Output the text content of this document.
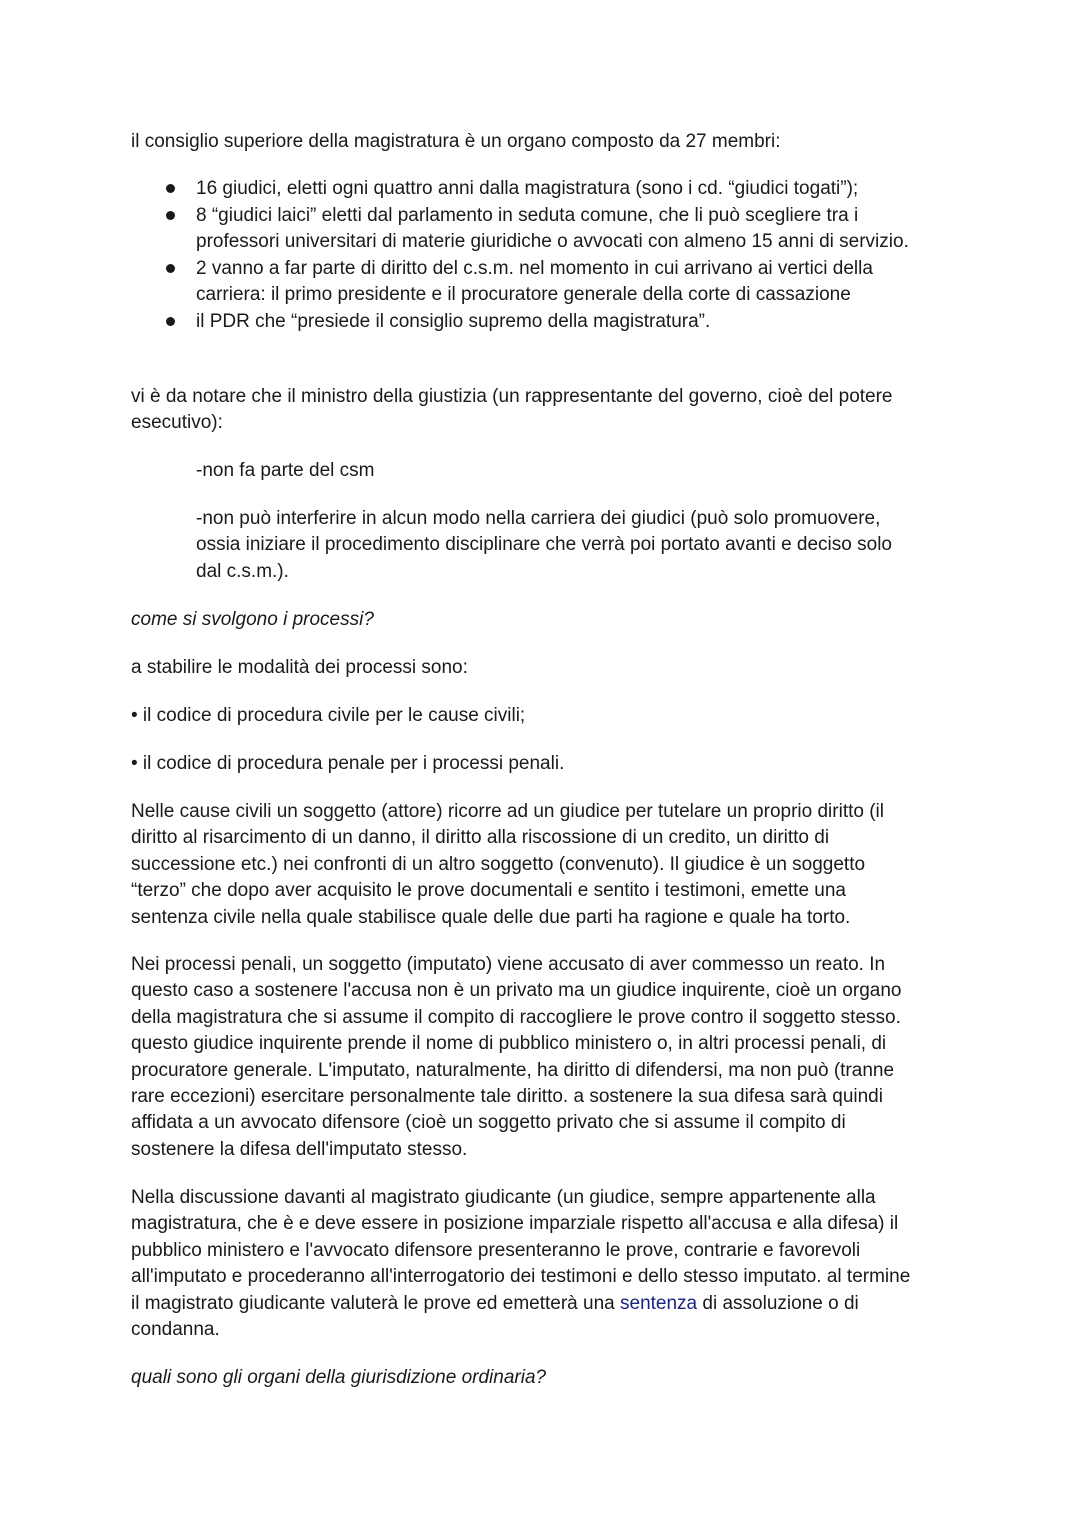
il consiglio superiore della magistratura è un organo composto da 27 membri:

16 giudici, eletti ogni quattro anni dalla magistratura (sono i cd. “giudici togati”);

8 “giudici laici” eletti dal parlamento in seduta comune, che li può scegliere tra i
professori universitari di materie giuridiche o avvocati con almeno 15 anni di servizio.

2 vanno a far parte di diritto del c.s.m. nel momento in cui arrivano ai vertici della
carriera: il primo presidente e il procuratore generale della corte di cassazione

il PDR che “presiede il consiglio supremo della magistratura”.

vi è da notare che il ministro della giustizia (un rappresentante del governo, cioè del potere
esecutivo):

-non fa parte del csm

-non può interferire in alcun modo nella carriera dei giudici (può solo promuovere,
ossia iniziare il procedimento disciplinare che verrà poi portato avanti e deciso solo
dal c.s.m.).

come si svolgono i processi?

a stabilire le modalità dei processi sono:

• il codice di procedura civile per le cause civili;

• il codice di procedura penale per i processi penali.

Nelle cause civili un soggetto (attore) ricorre ad un giudice per tutelare un proprio diritto (il
diritto al risarcimento di un danno, il diritto alla riscossione di un credito, un diritto di
successione etc.) nei confronti di un altro soggetto (convenuto). Il giudice è un soggetto
“terzo” che dopo aver acquisito le prove documentali e sentito i testimoni, emette una
sentenza civile nella quale stabilisce quale delle due parti ha ragione e quale ha torto.

Nei processi penali, un soggetto (imputato) viene accusato di aver commesso un reato. In
questo caso a sostenere l'accusa non è un privato ma un giudice inquirente, cioè un organo
della magistratura che si assume il compito di raccogliere le prove contro il soggetto stesso.
questo giudice inquirente prende il nome di pubblico ministero o, in altri processi penali, di
procuratore generale. L'imputato, naturalmente, ha diritto di difendersi, ma non può (tranne
rare eccezioni) esercitare personalmente tale diritto. a sostenere la sua difesa sarà quindi
affidata a un avvocato difensore (cioè un soggetto privato che si assume il compito di
sostenere la difesa dell'imputato stesso.

Nella discussione davanti al magistrato giudicante (un giudice, sempre appartenente alla
magistratura, che è e deve essere in posizione imparziale rispetto all'accusa e alla difesa) il
pubblico ministero e l'avvocato difensore presenteranno le prove, contrarie e favorevoli
all'imputato e procederanno all'interrogatorio dei testimoni e dello stesso imputato. al termine
il magistrato giudicante valuterà le prove ed emetterà una sentenza di assoluzione o di
condanna.

quali sono gli organi della giurisdizione ordinaria?
